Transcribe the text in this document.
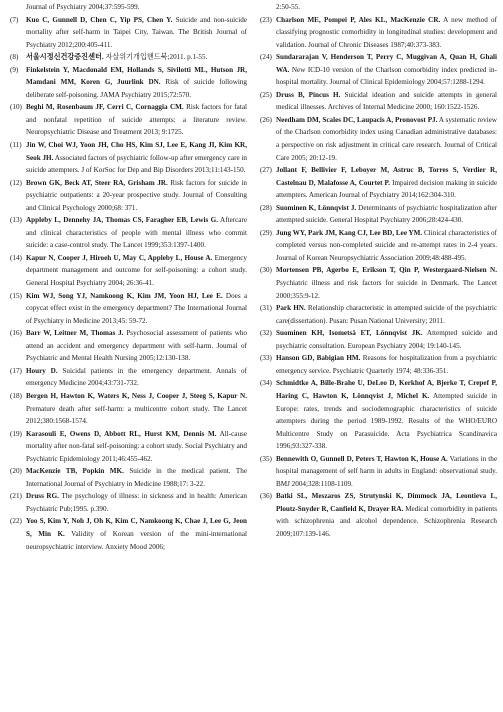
Journal of Psychiatry 2004;37:595-599.
(7) Kuo C, Gunnell D, Chen C, Yip PS, Chen Y. Suicide and non-suicide mortality after self-harm in Taipei City, Taiwan. The British Journal of Psychiatry 2012;200:405-411.
(8) 서울시정신건강증진센터. 자살위기개입핸드북;2011. p.1-55.
(9) Finkelstein Y, Macdonald EM, Hollands S, Sivilotti ML, Hutson JR, Mamdani MM, Koren G, Juurlink DN. Risk of suicide following deliberate self-poisoning. JAMA Psychiatry 2015;72:570.
(10) Beghi M, Rosenbaum JF, Cerri C, Cornaggia CM. Risk factors for fatal and nonfatal repetition of suicide attempts: a literature review. Neuropsychiatric Disease and Treatment 2013; 9:1725.
(11) Jin W, Choi WJ, Yoon JH, Cho HS, Kim SJ, Lee E, Kang JI, Kim KR, Seok JH. Associated factors of psychiatric follow-up after emergency care in suicide attempters. J of KorSoc for Dep and Bip Disorders 2013;11:143-150.
(12) Brown GK, Beck AT, Steer RA, Grisham JR. Risk factors for suicide in psychiatric outpatients: a 20-year prospective study. Journal of Consulting and Clinical Psychology 2000;68: 371.
(13) Appleby L, Dennehy JA, Thomas CS, Faragher EB, Lewis G. Aftercare and clinical characteristics of people with mental illness who commit suicide: a case-control study. The Lancet 1999;353:1397-1400.
(14) Kapur N, Cooper J, Hiroeh U, May C, Appleby L, House A. Emergency department management and outcome for self-poisoning: a cohort study. General Hospital Psychiatry 2004; 26:36-41.
(15) Kim WJ, Song YJ, Namkoong K, Kim JM, Yoon HJ, Lee E. Does a copycat effect exist in the emergency department? The International Journal of Psychiatry in Medicine 2013;45: 59-72.
(16) Barr W, Leitner M, Thomas J. Psychosocial assessment of patients who attend an accident and emergency department with self-harm. Journal of Psychiatric and Mental Health Nursing 2005;12:130-138.
(17) Houry D. Suicidal patients in the emergency department. Annals of emergency Medicine 2004;43:731-732.
(18) Bergen H, Hawton K, Waters K, Ness J, Cooper J, Steeg S, Kapur N. Premature death after self-harm: a multicentre cohort study. The Lancet 2012;380:1568-1574.
(19) Karasouli E, Owens D, Abbott RL, Hurst KM, Dennis M. All-cause mortality after non-fatal self-poisoning: a cohort study. Social Psychiatry and Psychiatric Epidemiology 2011;46:455-462.
(20) MacKenzie TB, Popkin MK. Suicide in the medical patient. The International Journal of Psychiatry in Medicine 1988;17: 3-22.
(21) Druss RG. The psychology of illness: in sickness and in health: American Psychiatric Pub;1995. p.390.
(22) Yoo S, Kim Y, Noh J, Oh K, Kim C, Namkoong K, Chae J, Lee G, Jeon S, Min K. Validity of Korean version of the mini-international neuropsychiatric interview. Anxiety Mood 2006;
2:50-55.
(23) Charlson ME, Pompei P, Ales KL, MacKenzie CR. A new method of classifying prognostic comorbidity in longitudinal studies: development and validation. Journal of Chronic Diseases 1987;40:373-383.
(24) Sundararajan V, Henderson T, Perry C, Muggivan A, Quan H, Ghali WA. New ICD-10 version of the Charlson comorbidity index predicted in-hospital mortality. Journal of Clinical Epidemiology 2004;57:1288-1294.
(25) Druss B, Pincus H. Suicidal ideation and suicide attempts in general medical illnesses. Archives of Internal Medicine 2000; 160:1522-1526.
(26) Needham DM, Scales DC, Laupacis A, Pronovost PJ. A systematic review of the Charlson comorbidity index using Canadian administrative databases: a perspective on risk adjustment in critical care research. Journal of Critical Care 2005; 20:12-19.
(27) Jollant F, Bellivier F, Leboyer M, Astruc B, Torres S, Verdier R, Castelnau D, Malafosse A, Courtet P. Impaired decision making in suicide attempters. American Journal of Psychiatry 2014;162:304-310.
(28) Suominen K, Lönnqvist J. Determinants of psychiatric hospitalization after attempted suicide. General Hospital Psychiatry 2006;28:424-430.
(29) Jung WY, Park JM, Kang CJ, Lee BD, Lee YM. Clinical characteristics of completed versus non-completed suicide and re-attempt rates in 2-4 years. Journal of Korean Neuropsychiatric Association 2009;48:488-495.
(30) Mortensen PB, Agerbo E, Erikson T, Qin P, Westergaard-Nielsen N. Psychiatric illness and risk factors for suicide in Denmark. The Lancet 2000;355:9-12.
(31) Park HN. Relationship characteristic in attempted suicide of the psychiatric care(dissertation). Pusan: Pusan National University; 2011.
(32) Suominen KH, Isometsä ET, Lönnqvist JK. Attempted suicide and psychiatric consultation. European Psychiatry 2004; 19:140-145.
(33) Hanson GD, Babigian HM. Reasons for hospitalization from a psychiatric emergency service. Psychiatric Quarterly 1974; 48:336-351.
(34) Schmidtke A, Bille-Brahe U, DeLeo D, Kerkhof A, Bjerke T, Crepef P, Haring C, Hawton K, Lönnqvist J, Michel K. Attempted suicide in Europe: rates, trends and sociodemographic characteristics of suicide attempters during the period 1989-1992. Results of the WHO/EURO Multicentre Study on Parasuicide. Acta Psychiatrica Scandinavica 1996;93:327-338.
(35) Bennewith O, Gunnell D, Peters T, Hawton K, House A. Variations in the hospital management of self harm in adults in England: observational study. BMJ 2004;328:1108-1109.
(36) Batki SL, Meszaros ZS, Strutynski K, Dimmock JA, Leontieva L, Ploutz-Snyder R, Canfield K, Drayer RA. Medical comorbidity in patients with schizophrenia and alcohol dependence. Schizophrenia Research 2009;107:139-146.
